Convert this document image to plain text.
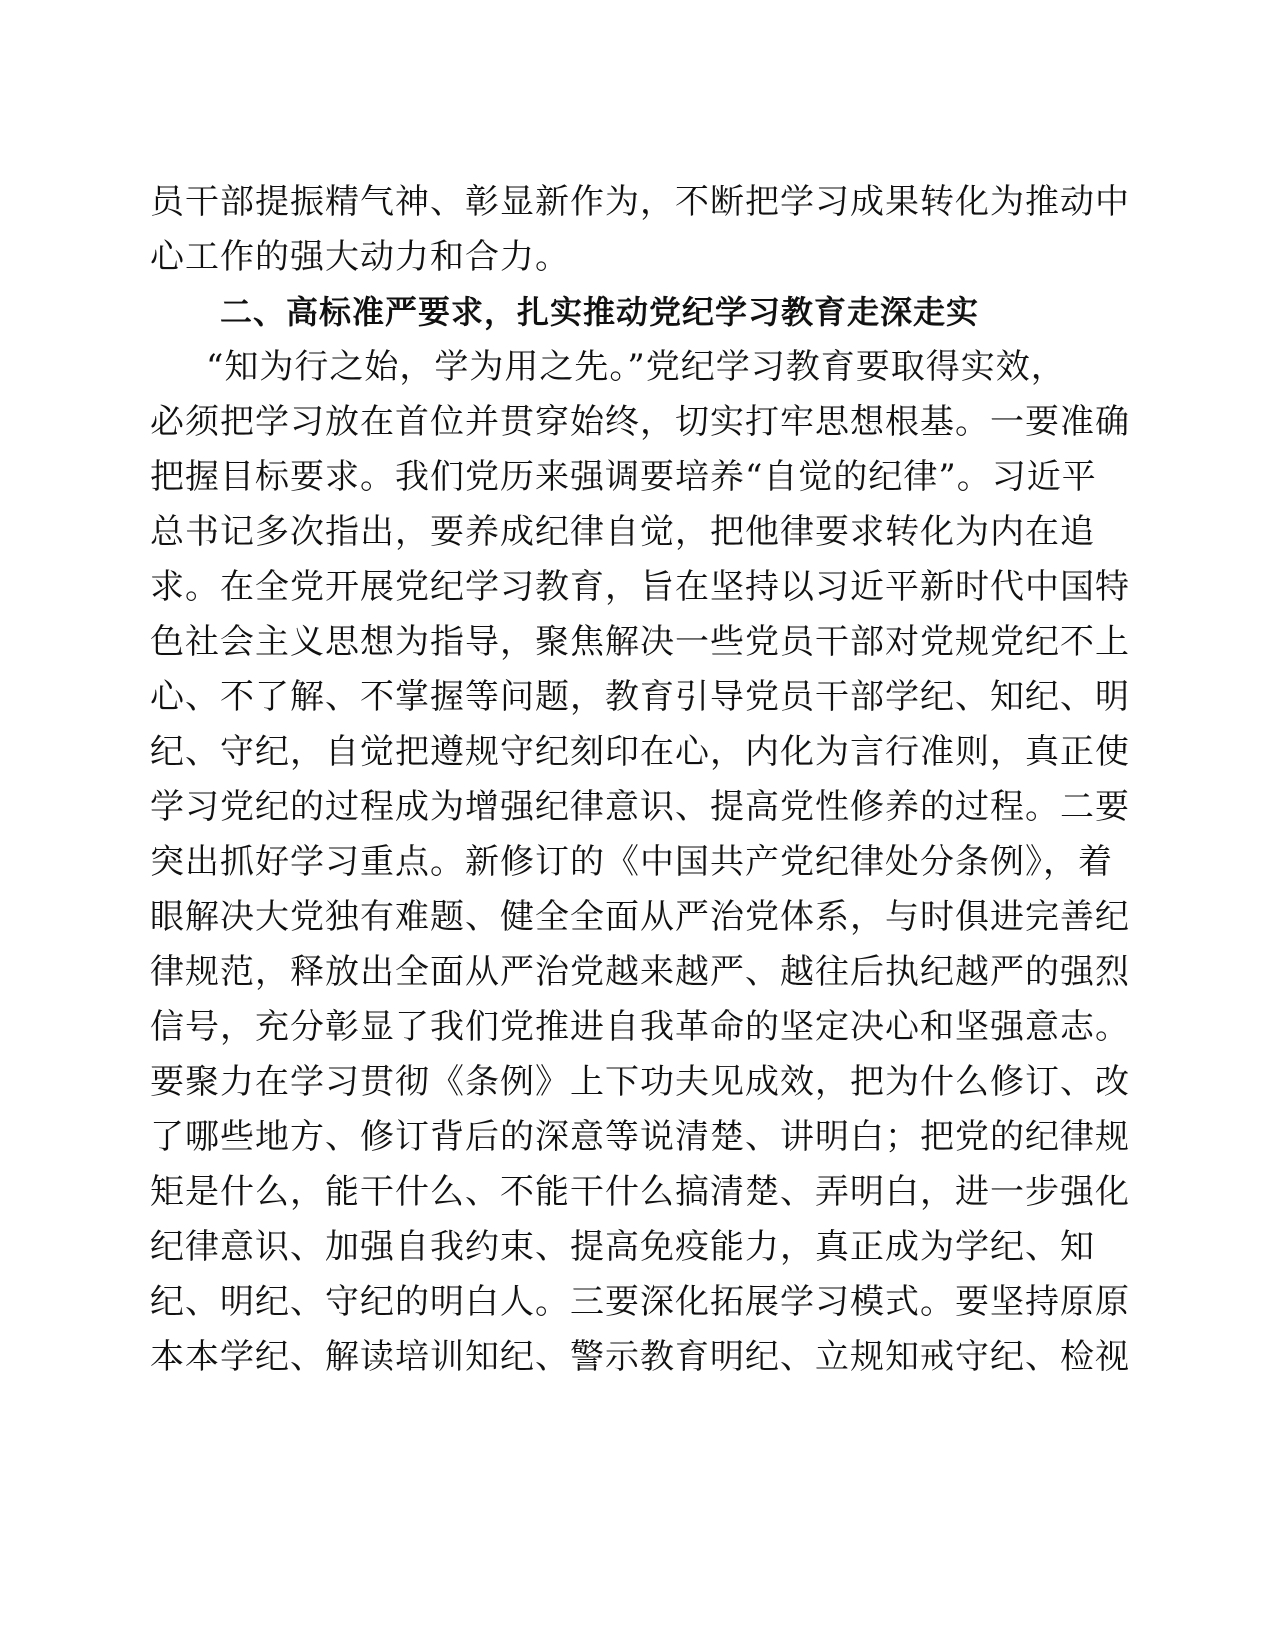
员干部提振精气神、彰显新作为，不断把学习成果转化为推动中
心工作的强大动力和合力。
二、高标准严要求，扎实推动党纪学习教育走深走实
“知为行之始，学为用之先。”党纪学习教育要取得实效，
必须把学习放在首位并贯穿始终，切实打牢思想根基。一要准确
把握目标要求。我们党历来强调要培养“自觉的纪律”。习近平
总书记多次指出，要养成纪律自觉，把他律要求转化为内在追
求。在全党开展党纪学习教育，旨在坚持以习近平新时代中国特
色社会主义思想为指导，聚焦解决一些党员干部对党规党纪不上
心、不了解、不掌握等问题，教育引导党员干部学纪、知纪、明
纪、守纪，自觉把遵规守纪刻印在心，内化为言行准则，真正使
学习党纪的过程成为增强纪律意识、提高党性修养的过程。二要
突出抓好学习重点。新修订的《中国共产党纪律处分条例》，着
眼解决大党独有难题、健全全面从严治党体系，与时俱进完善纪
律规范，释放出全面从严治党越来越严、越往后执纪越严的强烈
信号，充分彰显了我们党推进自我革命的坚定决心和坚强意志。
要聚力在学习贯彻《条例》上下功夫见成效，把为什么修订、改
了哪些地方、修订背后的深意等说清楚、讲明白；把党的纪律规
矩是什么，能干什么、不能干什么搞清楚、弄明白，进一步强化
纪律意识、加强自我约束、提高免疫能力，真正成为学纪、知
纪、明纪、守纪的明白人。三要深化拓展学习模式。要坚持原原
本本学纪、解读培训知纪、警示教育明纪、立规知戒守纪、检视
